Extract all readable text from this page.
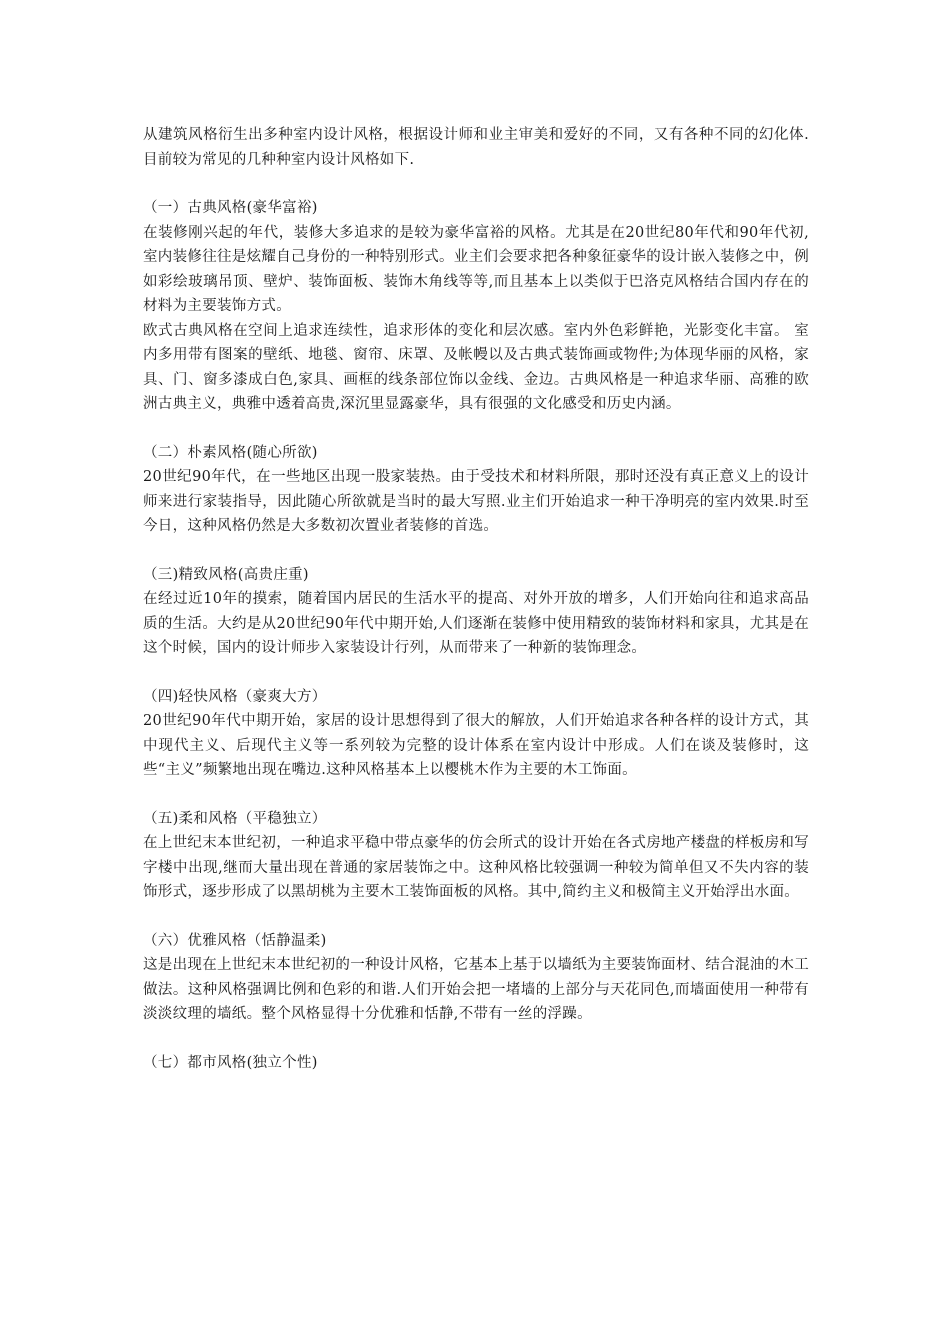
从建筑风格衍生出多种室内设计风格，根据设计师和业主审美和爱好的不同，又有各种不同的幻化体.目前较为常见的几种种室内设计风格如下.

（一）古典风格(豪华富裕)

在装修刚兴起的年代，装修大多追求的是较为豪华富裕的风格。尤其是在20世纪80年代和90年代初,室内装修往往是炫耀自己身份的一种特别形式。业主们会要求把各种象征豪华的设计嵌入装修之中，例如彩绘玻璃吊顶、壁炉、装饰面板、装饰木角线等等,而且基本上以类似于巴洛克风格结合国内存在的材料为主要装饰方式。

欧式古典风格在空间上追求连续性，追求形体的变化和层次感。室内外色彩鲜艳，光影变化丰富。 室内多用带有图案的壁纸、地毯、窗帘、床罩、及帐幔以及古典式装饰画或物件;为体现华丽的风格，家具、门、窗多漆成白色,家具、画框的线条部位饰以金线、金边。古典风格是一种追求华丽、高雅的欧洲古典主义，典雅中透着高贵,深沉里显露豪华，具有很强的文化感受和历史内涵。

（二）朴素风格(随心所欲)

20世纪90年代，在一些地区出现一股家装热。由于受技术和材料所限，那时还没有真正意义上的设计师来进行家装指导，因此随心所欲就是当时的最大写照.业主们开始追求一种干净明亮的室内效果.时至今日，这种风格仍然是大多数初次置业者装修的首选。

（三)精致风格(高贵庄重)

在经过近10年的摸索，随着国内居民的生活水平的提高、对外开放的增多，人们开始向往和追求高品质的生活。大约是从20世纪90年代中期开始,人们逐渐在装修中使用精致的装饰材料和家具，尤其是在这个时候，国内的设计师步入家装设计行列，从而带来了一种新的装饰理念。

（四)轻快风格（豪爽大方）

20世纪90年代中期开始，家居的设计思想得到了很大的解放，人们开始追求各种各样的设计方式，其中现代主义、后现代主义等一系列较为完整的设计体系在室内设计中形成。人们在谈及装修时，这些“主义”频繁地出现在嘴边.这种风格基本上以樱桃木作为主要的木工饰面。

（五)柔和风格（平稳独立）

在上世纪末本世纪初，一种追求平稳中带点豪华的仿会所式的设计开始在各式房地产楼盘的样板房和写字楼中出现,继而大量出现在普通的家居装饰之中。这种风格比较强调一种较为简单但又不失内容的装饰形式，逐步形成了以黑胡桃为主要木工装饰面板的风格。其中,简约主义和极简主义开始浮出水面。

（六）优雅风格（恬静温柔)

这是出现在上世纪末本世纪初的一种设计风格，它基本上基于以墙纸为主要装饰面材、结合混油的木工做法。这种风格强调比例和色彩的和谐.人们开始会把一堵墙的上部分与天花同色,而墙面使用一种带有淡淡纹理的墙纸。整个风格显得十分优雅和恬静,不带有一丝的浮躁。

（七）都市风格(独立个性)
